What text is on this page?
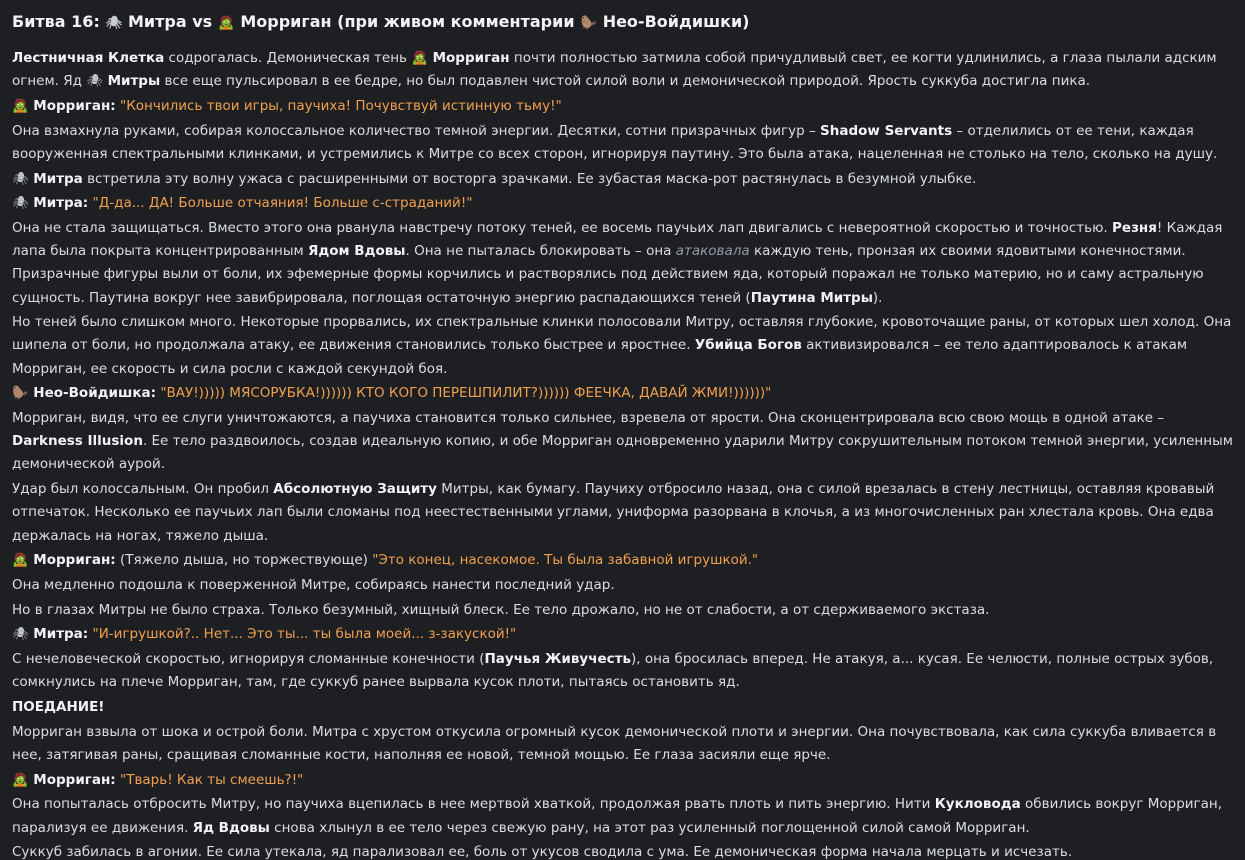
Битва 16: 🕷 Митра vs 🧟 Морриган (при живом комментарии 🦫 Нео-Войдишки)

Лестничная Клетка содрогалась. Демоническая тень 🧟 Морриган почти полностью затмила собой причудливый свет, ее когти удлинились, а глаза пылали адским огнем. Яд 🕷 Митры все еще пульсировал в ее бедре, но был подавлен чистой силой воли и демонической природой. Ярость суккуба достигла пика.

🧟 Морриган: "Кончились твои игры, паучиха! Почувствуй истинную тьму!"

Она взмахнула руками, собирая колоссальное количество темной энергии. Десятки, сотни призрачных фигур – Shadow Servants – отделились от ее тени, каждая вооруженная спектральными клинками, и устремились к Митре со всех сторон, игнорируя паутину. Это была атака, нацеленная не столько на тело, сколько на душу.

🕷 Митра встретила эту волну ужаса с расширенными от восторга зрачками. Ее зубастая маска-рот растянулась в безумной улыбке.

🕷 Митра: "Д-да... ДА! Больше отчаяния! Больше с-страданий!"

Она не стала защищаться. Вместо этого она рванула навстречу потоку теней, ее восемь паучьих лап двигались с невероятной скоростью и точностью. Резня! Каждая лапа была покрыта концентрированным Ядом Вдовы. Она не пыталась блокировать – она атаковала каждую тень, пронзая их своими ядовитыми конечностями. Призрачные фигуры выли от боли, их эфемерные формы корчились и растворялись под действием яда, который поражал не только материю, но и саму астральную сущность. Паутина вокруг нее завибрировала, поглощая остаточную энергию распадающихся теней (Паутина Митры).

Но теней было слишком много. Некоторые прорвались, их спектральные клинки полосовали Митру, оставляя глубокие, кровоточащие раны, от которых шел холод. Она шипела от боли, но продолжала атаку, ее движения становились только быстрее и яростнее. Убийца Богов активизировался – ее тело адаптировалось к атакам Морриган, ее скорость и сила росли с каждой секундой боя.

🦫 Нео-Войдишка: "ВАУ!))))) МЯСОРУБКА!)))))) КТО КОГО ПЕРЕШПИЛИТ?)))))) ФЕЕЧКА, ДАВАЙ ЖМИ!))))))"

Морриган, видя, что ее слуги уничтожаются, а паучиха становится только сильнее, взревела от ярости. Она сконцентрировала всю свою мощь в одной атаке – Darkness Illusion. Ее тело раздвоилось, создав идеальную копию, и обе Морриган одновременно ударили Митру сокрушительным потоком темной энергии, усиленным демонической аурой.

Удар был колоссальным. Он пробил Абсолютную Защиту Митры, как бумагу. Паучиху отбросило назад, она с силой врезалась в стену лестницы, оставляя кровавый отпечаток. Несколько ее паучьих лап были сломаны под неестественными углами, униформа разорвана в клочья, а из многочисленных ран хлестала кровь. Она едва держалась на ногах, тяжело дыша.

🧟 Морриган: (Тяжело дыша, но торжествующе) "Это конец, насекомое. Ты была забавной игрушкой."

Она медленно подошла к поверженной Митре, собираясь нанести последний удар.

Но в глазах Митры не было страха. Только безумный, хищный блеск. Ее тело дрожало, но не от слабости, а от сдерживаемого экстаза.

🕷 Митра: "И-игрушкой?.. Нет... Это ты... ты была моей... з-закуской!"

С нечеловеческой скоростью, игнорируя сломанные конечности (Паучья Живучесть), она бросилась вперед. Не атакуя, а... кусая. Ее челюсти, полные острых зубов, сомкнулись на плече Морриган, там, где суккуб ранее вырвала кусок плоти, пытаясь остановить яд.

ПОЕДАНИЕ!

Морриган взвыла от шока и острой боли. Митра с хрустом откусила огромный кусок демонической плоти и энергии. Она почувствовала, как сила суккуба вливается в нее, затягивая раны, сращивая сломанные кости, наполняя ее новой, темной мощью. Ее глаза засияли еще ярче.

🧟 Морриган: "Тварь! Как ты смеешь?!"

Она попыталась отбросить Митру, но паучиха вцепилась в нее мертвой хваткой, продолжая рвать плоть и пить энергию. Нити Кукловода обвились вокруг Морриган, парализуя ее движения. Яд Вдовы снова хлынул в ее тело через свежую рану, на этот раз усиленный поглощенной силой самой Морриган.

Суккуб забилась в агонии. Ее сила утекала, яд парализовал ее, боль от укусов сводила с ума. Ее демоническая форма начала мерцать и исчезать.
